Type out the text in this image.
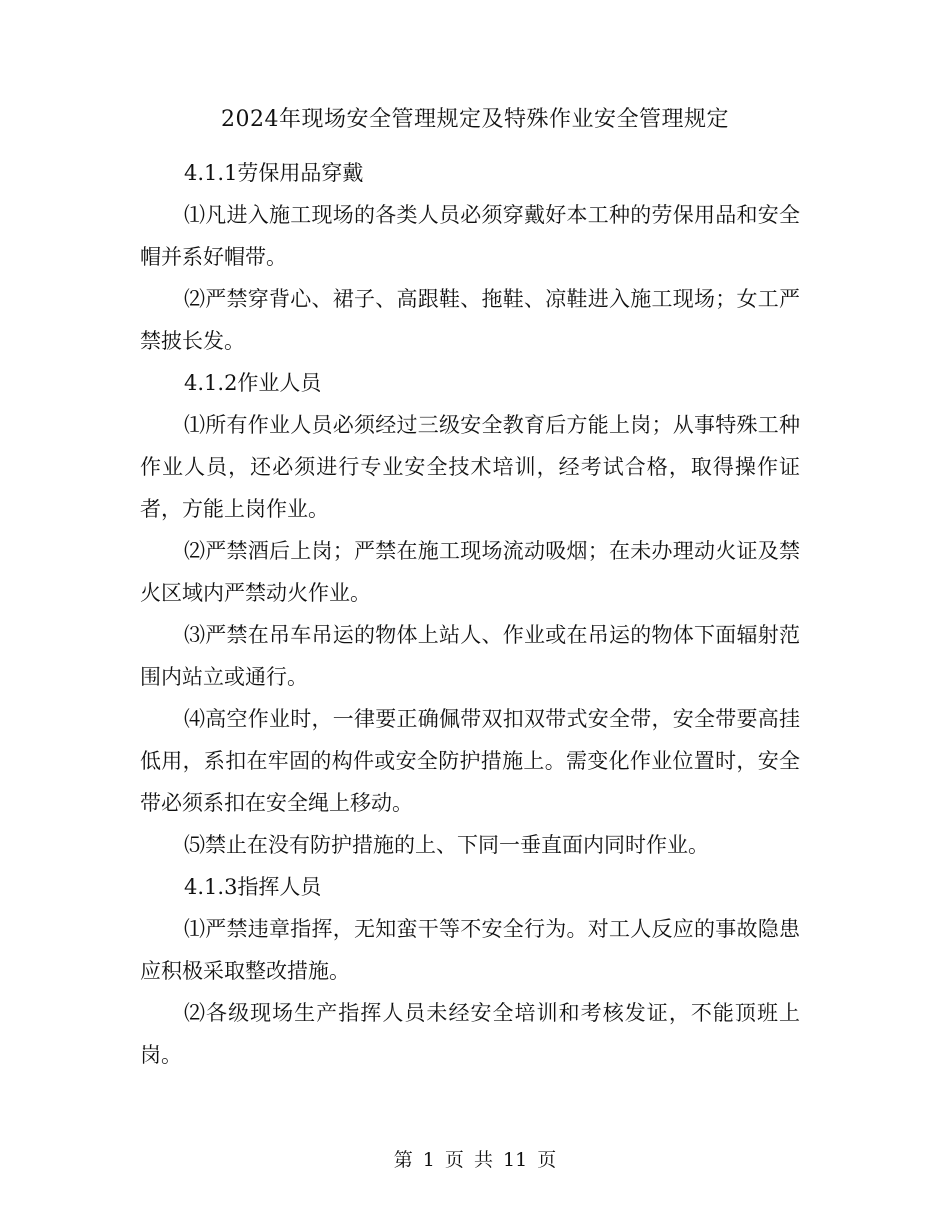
2024年现场安全管理规定及特殊作业安全管理规定

4.1.1劳保用品穿戴

⑴凡进入施工现场的各类人员必须穿戴好本工种的劳保用品和安全帽并系好帽带。

⑵严禁穿背心、裙子、高跟鞋、拖鞋、凉鞋进入施工现场；女工严禁披长发。

4.1.2作业人员

⑴所有作业人员必须经过三级安全教育后方能上岗；从事特殊工种作业人员，还必须进行专业安全技术培训，经考试合格，取得操作证者，方能上岗作业。

⑵严禁酒后上岗；严禁在施工现场流动吸烟；在未办理动火证及禁火区域内严禁动火作业。

⑶严禁在吊车吊运的物体上站人、作业或在吊运的物体下面辐射范围内站立或通行。

⑷高空作业时，一律要正确佩带双扣双带式安全带，安全带要高挂低用，系扣在牢固的构件或安全防护措施上。需变化作业位置时，安全带必须系扣在安全绳上移动。

⑸禁止在没有防护措施的上、下同一垂直面内同时作业。

4.1.3指挥人员

⑴严禁违章指挥，无知蛮干等不安全行为。对工人反应的事故隐患应积极采取整改措施。

⑵各级现场生产指挥人员未经安全培训和考核发证，不能顶班上岗。

第 1 页 共 11 页
